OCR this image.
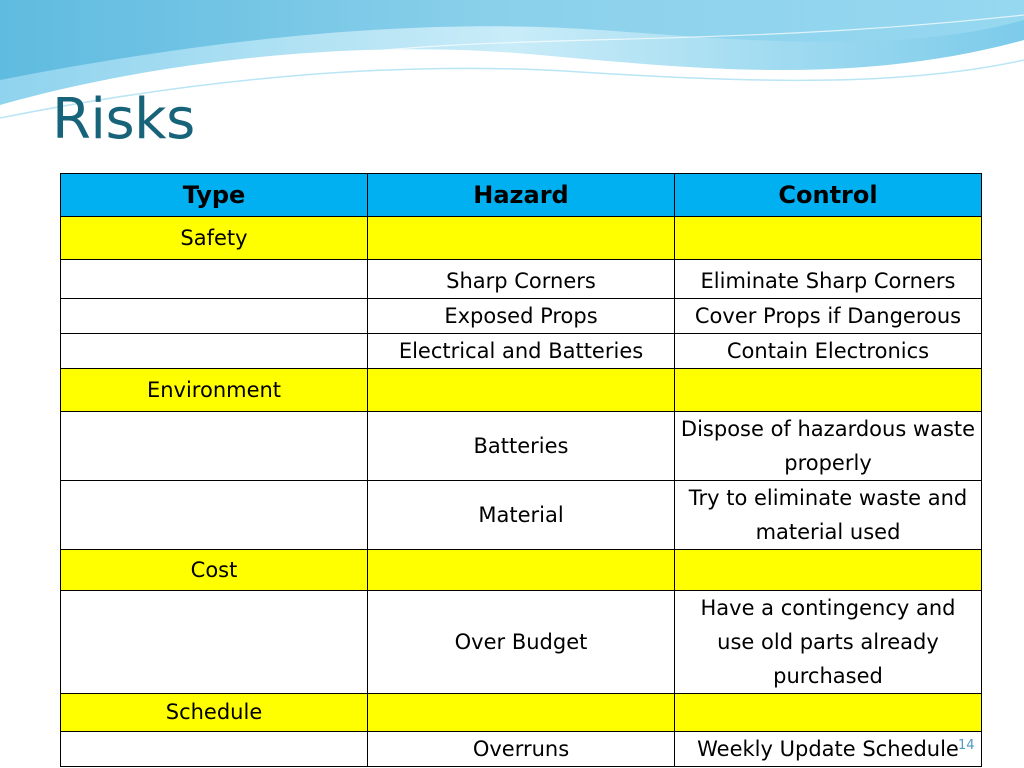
Risks
Type	Hazard	Control
Safety		
	Sharp Corners	Eliminate Sharp Corners
	Exposed Props	Cover Props if Dangerous
	Electrical and Batteries	Contain Electronics
Environment		
	Batteries	Dispose of hazardous waste properly
	Material	Try to eliminate waste and material used
Cost		
	Over Budget	Have a contingency and use old parts already purchased
Schedule		
	Overruns	Weekly Update Schedule 14
